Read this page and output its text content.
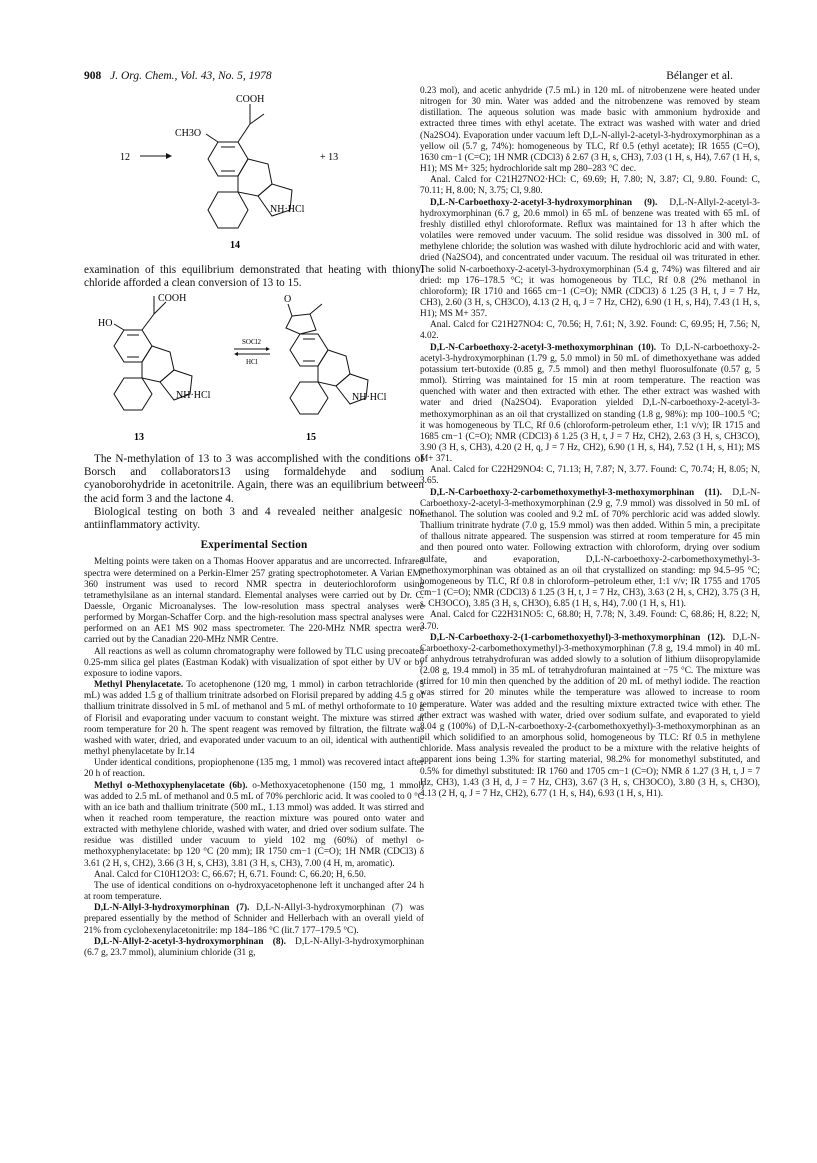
908 J. Org. Chem., Vol. 43, No. 5, 1978	Bélanger et al.
12
COOH
CH3O
NH·HCl
+ 13
14

examination of this equilibrium demonstrated that heating with thionyl chloride afforded a clean conversion of 13 to 15.

COOH
HO
NH·HCl
13
SOCl2
HCl
O
NH·HCl
15

The N-methylation of 13 to 3 was accomplished with the conditions of Borsch and collaborators13 using formaldehyde and sodium cyanoborohydride in acetonitrile. Again, there was an equilibrium between the acid form 3 and the lactone 4.

Biological testing on both 3 and 4 revealed neither analgesic nor antiinflammatory activity.

Experimental Section

Melting points were taken on a Thomas Hoover apparatus and are uncorrected. Infrared spectra were determined on a Perkin-Elmer 257 grating spectrophotometer. A Varian EM-360 instrument was used to record NMR spectra in deuteriochloroform using tetramethylsilane as an internal standard. Elemental analyses were carried out by Dr. C. Daessle, Organic Microanalyses. The low-resolution mass spectral analyses were performed by Morgan-Schaffer Corp. and the high-resolution mass spectral analyses were performed on an AE1 MS 902 mass spectrometer. The 220-MHz NMR spectra were carried out by the Canadian 220-MHz NMR Centre.

All reactions as well as column chromatography were followed by TLC using precoated 0.25-mm silica gel plates (Eastman Kodak) with visualization of spot either by UV or by exposure to iodine vapors.

Methyl Phenylacetate. To acetophenone (120 mg, 1 mmol) in carbon tetrachloride (5 mL) was added 1.5 g of thallium trinitrate adsorbed on Florisil prepared by adding 4.5 g of thallium trinitrate dissolved in 5 mL of methanol and 5 mL of methyl orthoformate to 10 g of Florisil and evaporating under vacuum to constant weight. The mixture was stirred at room temperature for 20 h. The spent reagent was removed by filtration, the filtrate was washed with water, dried, and evaporated under vacuum to an oil, identical with authentic methyl phenylacetate by Ir.14

Under identical conditions, propiophenone (135 mg, 1 mmol) was recovered intact after 20 h of reaction.

Methyl o-Methoxyphenylacetate (6b). o-Methoxyacetophenone (150 mg, 1 mmol) was added to 2.5 mL of methanol and 0.5 mL of 70% perchloric acid. It was cooled to 0 °C with an ice bath and thallium trinitrate (500 mL, 1.13 mmol) was added. It was stirred and when it reached room temperature, the reaction mixture was poured onto water and extracted with methylene chloride, washed with water, and dried over sodium sulfate. The residue was distilled under vacuum to yield 102 mg (60%) of methyl o-methoxyphenylacetate: bp 120 °C (20 mm); IR 1750 cm−1 (C=O); 1H NMR (CDCl3) δ 3.61 (2 H, s, CH2), 3.66 (3 H, s, CH3), 3.81 (3 H, s, CH3), 7.00 (4 H, m, aromatic).

Anal. Calcd for C10H12O3: C, 66.67; H, 6.71. Found: C, 66.20; H, 6.50.

The use of identical conditions on o-hydroxyacetophenone left it unchanged after 24 h at room temperature.

D,L-N-Allyl-3-hydroxymorphinan (7). D,L-N-Allyl-3-hydroxymorphinan (7) was prepared essentially by the method of Schnider and Hellerbach with an overall yield of 21% from cyclohexenylacetonitrile: mp 184–186 °C (lit.7 177–179.5 °C).

D,L-N-Allyl-2-acetyl-3-hydroxymorphinan (8). D,L-N-Allyl-3-hydroxymorphinan (6.7 g, 23.7 mmol), aluminium chloride (31 g,

0.23 mol), and acetic anhydride (7.5 mL) in 120 mL of nitrobenzene were heated under nitrogen for 30 min. Water was added and the nitrobenzene was removed by steam distillation. The aqueous solution was made basic with ammonium hydroxide and extracted three times with ethyl acetate. The extract was washed with water and dried (Na2SO4). Evaporation under vacuum left D,L-N-allyl-2-acetyl-3-hydroxymorphinan as a yellow oil (5.7 g, 74%): homogeneous by TLC, Rf 0.5 (ethyl acetate); IR 1655 (C=O), 1630 cm−1 (C=C); 1H NMR (CDCl3) δ 2.67 (3 H, s, CH3), 7.03 (1 H, s, H4), 7.67 (1 H, s, H1); MS M+ 325; hydrochloride salt mp 280–283 °C dec.

Anal. Calcd for C21H27NO2·HCl: C, 69.69; H, 7.80; N, 3.87; Cl, 9.80. Found: C, 70.11; H, 8.00; N, 3.75; Cl, 9.80.

D,L-N-Carboethoxy-2-acetyl-3-hydroxymorphinan (9). D,L-N-Allyl-2-acetyl-3-hydroxymorphinan (6.7 g, 20.6 mmol) in 65 mL of benzene was treated with 65 mL of freshly distilled ethyl chloroformate. Reflux was maintained for 13 h after which the volatiles were removed under vacuum. The solid residue was dissolved in 300 mL of methylene chloride; the solution was washed with dilute hydrochloric acid and with water, dried (Na2SO4), and concentrated under vacuum. The residual oil was triturated in ether. The solid N-carboethoxy-2-acetyl-3-hydroxymorphinan (5.4 g, 74%) was filtered and air dried: mp 176–178.5 °C; it was homogeneous by TLC, Rf 0.8 (2% methanol in chloroform); IR 1710 and 1665 cm−1 (C=O); NMR (CDCl3) δ 1.25 (3 H, t, J = 7 Hz, CH3), 2.60 (3 H, s, CH3CO), 4.13 (2 H, q, J = 7 Hz, CH2), 6.90 (1 H, s, H4), 7.43 (1 H, s, H1); MS M+ 357.

Anal. Calcd for C21H27NO4: C, 70.56; H, 7.61; N, 3.92. Found: C, 69.95; H, 7.56; N, 4.02.

D,L-N-Carboethoxy-2-acetyl-3-methoxymorphinan (10). To D,L-N-carboethoxy-2-acetyl-3-hydroxymorphinan (1.79 g, 5.0 mmol) in 50 mL of dimethoxyethane was added potassium tert-butoxide (0.85 g, 7.5 mmol) and then methyl fluorosulfonate (0.57 g, 5 mmol). Stirring was maintained for 15 min at room temperature. The reaction was quenched with water and then extracted with ether. The ether extract was washed with water and dried (Na2SO4). Evaporation yielded D,L-N-carboethoxy-2-acetyl-3-methoxymorphinan as an oil that crystallized on standing (1.8 g, 98%): mp 100–100.5 °C; it was homogeneous by TLC, Rf 0.6 (chloroform-petroleum ether, 1:1 v/v); IR 1715 and 1685 cm−1 (C=O); NMR (CDCl3) δ 1.25 (3 H, t, J = 7 Hz, CH2), 2.63 (3 H, s, CH3CO), 3.90 (3 H, s, CH3), 4.20 (2 H, q, J = 7 Hz, CH2), 6.90 (1 H, s, H4), 7.52 (1 H, s, H1); MS M+ 371.

Anal. Calcd for C22H29NO4: C, 71.13; H, 7.87; N, 3.77. Found: C, 70.74; H, 8.05; N, 3.65.

D,L-N-Carboethoxy-2-carbomethoxymethyl-3-methoxymorphinan (11). D,L-N-Carboethoxy-2-acetyl-3-methoxymorphinan (2.9 g, 7.9 mmol) was dissolved in 50 mL of methanol. The solution was cooled and 9.2 mL of 70% perchloric acid was added slowly. Thallium trinitrate hydrate (7.0 g, 15.9 mmol) was then added. Within 5 min, a precipitate of thallous nitrate appeared. The suspension was stirred at room temperature for 45 min and then poured onto water. Following extraction with chloroform, drying over sodium sulfate, and evaporation, D,L-N-carboethoxy-2-carbomethoxymethyl-3-methoxymorphinan was obtained as an oil that crystallized on standing: mp 94.5–95 °C; homogeneous by TLC, Rf 0.8 in chloroform–petroleum ether, 1:1 v/v; IR 1755 and 1705 cm−1 (C=O); NMR (CDCl3) δ 1.25 (3 H, t, J = 7 Hz, CH3), 3.63 (2 H, s, CH2), 3.75 (3 H, s, CH3OCO), 3.85 (3 H, s, CH3O), 6.85 (1 H, s, H4), 7.00 (1 H, s, H1).

Anal. Calcd for C22H31NO5: C, 68.80; H, 7.78; N, 3.49. Found: C, 68.86; H, 8.22; N, 3.70.

D,L-N-Carboethoxy-2-(1-carbomethoxyethyl)-3-methoxymorphinan (12). D,L-N-Carboethoxy-2-carbomethoxymethyl)-3-methoxymorphinan (7.8 g, 19.4 mmol) in 40 mL of anhydrous tetrahydrofuran was added slowly to a solution of lithium diisopropylamide (2.08 g, 19.4 mmol) in 35 mL of tetrahydrofuran maintained at −75 °C. The mixture was stirred for 10 min then quenched by the addition of 20 mL of methyl iodide. The reaction was stirred for 20 minutes while the temperature was allowed to increase to room temperature. Water was added and the resulting mixture extracted twice with ether. The ether extract was washed with water, dried over sodium sulfate, and evaporated to yield 8.04 g (100%) of D,L-N-carboethoxy-2-(carbomethoxyethyl)-3-methoxymorphinan as an oil which solidified to an amorphous solid, homogeneous by TLC: Rf 0.5 in methylene chloride. Mass analysis revealed the product to be a mixture with the relative heights of apparent ions being 1.3% for starting material, 98.2% for monomethyl substituted, and 0.5% for dimethyl substituted: IR 1760 and 1705 cm−1 (C=O); NMR δ 1.27 (3 H, t, J = 7 Hz, CH3), 1.43 (3 H, d, J = 7 Hz, CH3), 3.67 (3 H, s, CH3OCO), 3.80 (3 H, s, CH3O), 4.13 (2 H, q, J = 7 Hz, CH2), 6.77 (1 H, s, H4), 6.93 (1 H, s, H1).
